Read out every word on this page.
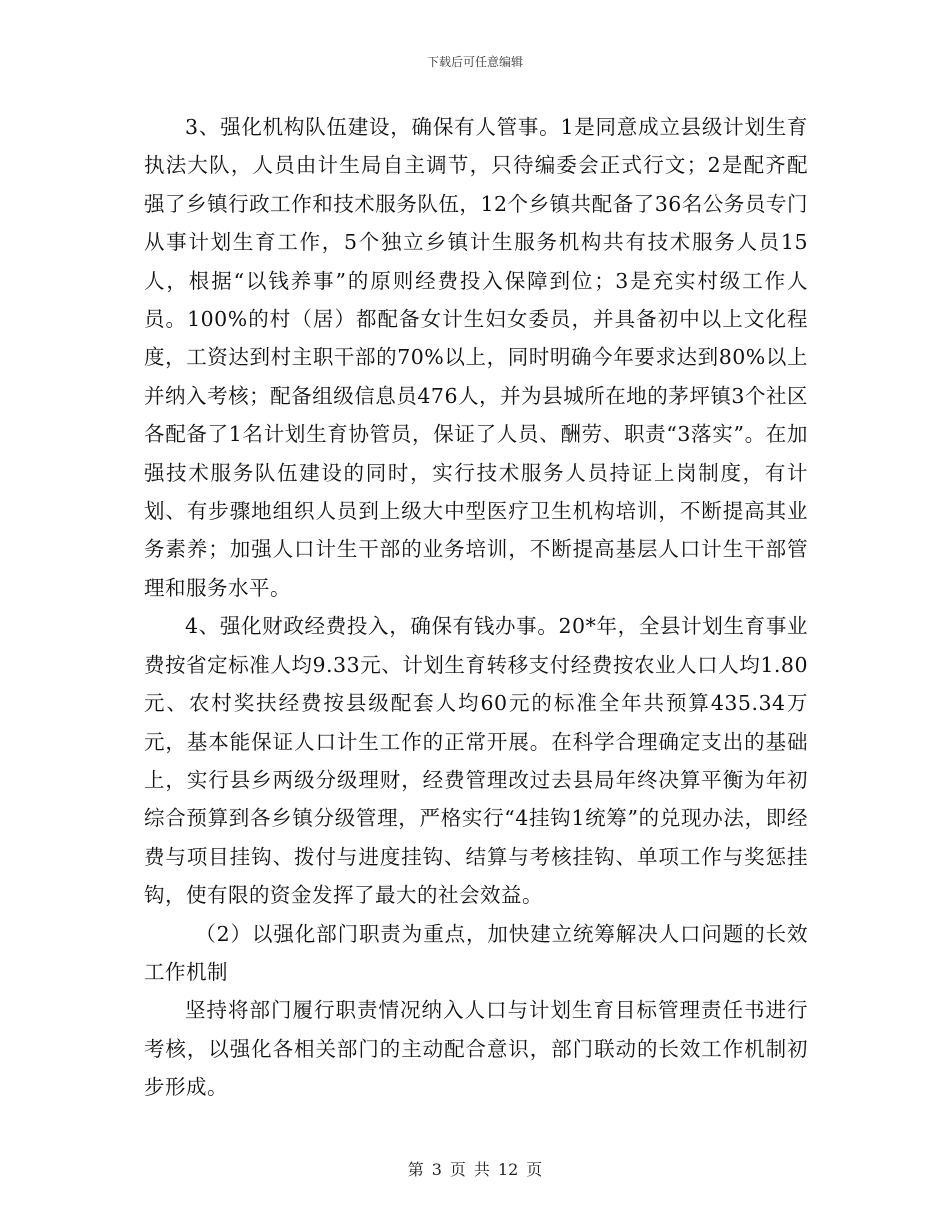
下载后可任意编辑

3、强化机构队伍建设，确保有人管事。1是同意成立县级计划生育执法大队，人员由计生局自主调节，只待编委会正式行文；2是配齐配强了乡镇行政工作和技术服务队伍，12个乡镇共配备了36名公务员专门从事计划生育工作，5个独立乡镇计生服务机构共有技术服务人员15人，根据“以钱养事”的原则经费投入保障到位；3是充实村级工作人员。100%的村（居）都配备女计生妇女委员，并具备初中以上文化程度，工资达到村主职干部的70%以上，同时明确今年要求达到80%以上并纳入考核；配备组级信息员476人，并为县城所在地的茅坪镇3个社区各配备了1名计划生育协管员，保证了人员、酬劳、职责“3落实”。在加强技术服务队伍建设的同时，实行技术服务人员持证上岗制度，有计划、有步骤地组织人员到上级大中型医疗卫生机构培训，不断提高其业务素养；加强人口计生干部的业务培训，不断提高基层人口计生干部管理和服务水平。

4、强化财政经费投入，确保有钱办事。20*年，全县计划生育事业费按省定标准人均9.33元、计划生育转移支付经费按农业人口人均1.80元、农村奖扶经费按县级配套人均60元的标准全年共预算435.34万元，基本能保证人口计生工作的正常开展。在科学合理确定支出的基础上，实行县乡两级分级理财，经费管理改过去县局年终决算平衡为年初综合预算到各乡镇分级管理，严格实行“4挂钩1统筹”的兑现办法，即经费与项目挂钩、拨付与进度挂钩、结算与考核挂钩、单项工作与奖惩挂钩，使有限的资金发挥了最大的社会效益。

（2）以强化部门职责为重点，加快建立统筹解决人口问题的长效工作机制

坚持将部门履行职责情况纳入人口与计划生育目标管理责任书进行考核，以强化各相关部门的主动配合意识，部门联动的长效工作机制初步形成。

第 3 页 共 12 页
